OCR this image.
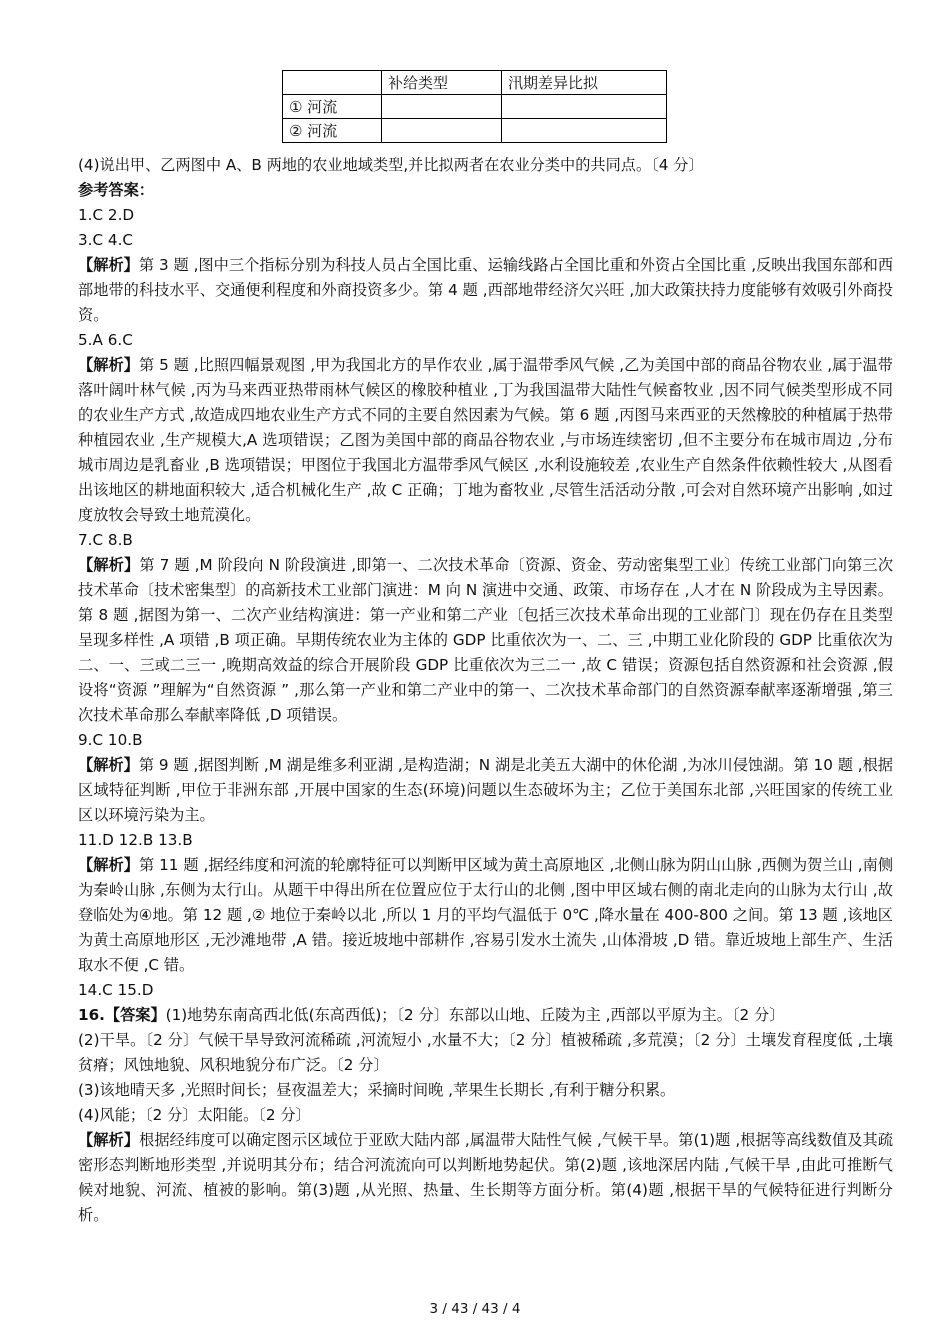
	补给类型	汛期差异比拟
① 河流		
② 河流		

(4)说出甲、乙两图中 A、B 两地的农业地域类型,并比拟两者在农业分类中的共同点。〔4 分〕

参考答案：

1.C 2.D

3.C 4.C

【解析】第 3 题 ,图中三个指标分别为科技人员占全国比重、运输线路占全国比重和外资占全国比重 ,反映出我国东部和西部地带的科技水平、交通便利程度和外商投资多少。第 4 题 ,西部地带经济欠兴旺 ,加大政策扶持力度能够有效吸引外商投资。

5.A 6.C

【解析】第 5 题 ,比照四幅景观图 ,甲为我国北方的旱作农业 ,属于温带季风气候 ,乙为美国中部的商品谷物农业 ,属于温带落叶阔叶林气候 ,丙为马来西亚热带雨林气候区的橡胶种植业 ,丁为我国温带大陆性气候畜牧业 ,因不同气候类型形成不同的农业生产方式 ,故造成四地农业生产方式不同的主要自然因素为气候。第 6 题 ,丙图马来西亚的天然橡胶的种植属于热带种植园农业 ,生产规模大,A 选项错误；乙图为美国中部的商品谷物农业 ,与市场连续密切 ,但不主要分布在城市周边 ,分布城市周边是乳畜业 ,B 选项错误；甲图位于我国北方温带季风气候区 ,水利设施较差 ,农业生产自然条件依赖性较大 ,从图看出该地区的耕地面积较大 ,适合机械化生产 ,故 C 正确；丁地为畜牧业 ,尽管生活活动分散 ,可会对自然环境产出影响 ,如过度放牧会导致土地荒漠化。

7.C 8.B

【解析】第 7 题 ,M 阶段向 N 阶段演进 ,即第一、二次技术革命〔资源、资金、劳动密集型工业〕传统工业部门向第三次技术革命〔技术密集型〕的高新技术工业部门演进：M 向 N 演进中交通、政策、市场存在 ,人才在 N 阶段成为主导因素。第 8 题 ,据图为第一、二次产业结构演进：第一产业和第二产业〔包括三次技术革命出现的工业部门〕现在仍存在且类型呈现多样性 ,A 项错 ,B 项正确。早期传统农业为主体的 GDP 比重依次为一、二、三 ,中期工业化阶段的 GDP 比重依次为二、一、三或二三一 ,晚期高效益的综合开展阶段 GDP 比重依次为三二一 ,故 C 错误；资源包括自然资源和社会资源 ,假设将“资源 ”理解为“自然资源 ” ,那么第一产业和第二产业中的第一、二次技术革命部门的自然资源奉献率逐渐增强 ,第三次技术革命那么奉献率降低 ,D 项错误。

9.C 10.B

【解析】第 9 题 ,据图判断 ,M 湖是维多利亚湖 ,是构造湖；N 湖是北美五大湖中的休伦湖 ,为冰川侵蚀湖。第 10 题 ,根据区域特征判断 ,甲位于非洲东部 ,开展中国家的生态(环境)问题以生态破坏为主；乙位于美国东北部 ,兴旺国家的传统工业区以环境污染为主。

11.D 12.B 13.B

【解析】第 11 题 ,据经纬度和河流的轮廓特征可以判断甲区域为黄土高原地区 ,北侧山脉为阴山山脉 ,西侧为贺兰山 ,南侧为秦岭山脉 ,东侧为太行山。从题干中得出所在位置应位于太行山的北侧 ,图中甲区域右侧的南北走向的山脉为太行山 ,故登临处为④地。第 12 题 ,② 地位于秦岭以北 ,所以 1 月的平均气温低于 0℃ ,降水量在 400-800 之间。第 13 题 ,该地区为黄土高原地形区 ,无沙滩地带 ,A 错。接近坡地中部耕作 ,容易引发水土流失 ,山体滑坡 ,D 错。靠近坡地上部生产、生活取水不便 ,C 错。

14.C 15.D

16.【答案】(1)地势东南高西北低(东高西低)；〔2 分〕东部以山地、丘陵为主 ,西部以平原为主。〔2 分〕

(2)干旱。〔2 分〕气候干旱导致河流稀疏 ,河流短小 ,水量不大；〔2 分〕植被稀疏 ,多荒漠；〔2 分〕土壤发育程度低 ,土壤贫瘠；风蚀地貌、风积地貌分布广泛。〔2 分〕

(3)该地晴天多 ,光照时间长；昼夜温差大；采摘时间晚 ,苹果生长期长 ,有利于糖分积累。

(4)风能；〔2 分〕太阳能。〔2 分〕

【解析】根据经纬度可以确定图示区域位于亚欧大陆内部 ,属温带大陆性气候 ,气候干旱。第(1)题 ,根据等高线数值及其疏密形态判断地形类型 ,并说明其分布；结合河流流向可以判断地势起伏。第(2)题 ,该地深居内陆 ,气候干旱 ,由此可推断气候对地貌、河流、植被的影响。第(3)题 ,从光照、热量、生长期等方面分析。第(4)题 ,根据干旱的气候特征进行判断分析。

3 / 43 / 43 / 4
